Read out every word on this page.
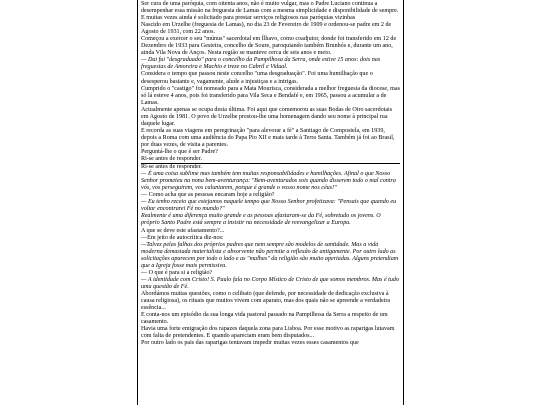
Ser cura de uma paróquia, com oitenta anos, não é muito vulgar, mas o Padre Luciano continua a desempenhar essa missão na freguesia de Lamas com a mesma simplicidade e disponibilidade de sempre. E muitas vezes ainda é solicitado para prestar serviços religiosos nas paróquias vizinhas

Nascido em Urzelhe (freguesia de Lamas), no dia 23 de Fevereiro de 1909 e ordenou-se padre em 2 de Agosto de 1931, com 22 anos.

Começou a exercer o seu "múnus" sacerdotal em Ílhavo, como coadjutor, donde foi transferido em 12 de Dezembro de 1933 para Gesteira, concelho de Soure, paroquiando também Brunhós e, durante um ano, ainda Vila Nova de Anços. Nesta região se manteve cerca de seis anos e meio.

— Dai fui "desgraduado" para o concelho da Pampilhosa da Serra, onde estive 15 anos: dois nas freguesias de Amoreira e Machio e treze no Cabril e Vidual.

Considera o tempo que passou neste concelho "uma desgraduação". Foi uma humilhação que o desesperou bastante e, vagamente, alude a injustiças e a intrigas.

Cumprido o "castigo" foi nomeado para a Mata Mourisca, considerada a melhor freguesia da diocese, mas só lá esteve 4 anos, pois foi transferido para Vila Seca e Bendafé e, em 1965, passou a acumular a de Lamas.

Actualmente apenas se ocupa desta última. Foi aqui que comemorou as suas Bodas de Oiro sacerdotais em Agosto de 1981. O povo de Urzelhe prestou-lhe uma homenagem dando seu nome à principal rua daquele lugar.

E recorda as suas viagens em peregrinação "para alevorar a fé" a Santiago de Compostela, em 1939, depois a Roma com uma audiência do Papa Pio XII e mais tarde à Terra Santa. Também já foi ao Brasil, por duas vezes, de visita a parentes.

Perguntá-lhe o que é ser Padre?

Ri-se antes de responder.

Ri-se antes de responder.

— É uma coisa sublime mas também tem muitas responsabilidades e humilhações. Afinal o que Nosso Senhor prometeu na nona bem-aventurança: "Bem-aventurados sois quando disserem todo o mal contra vós, vos perseguirem, vos caluniarem, porque é grande o vosso nome nos céus!"

— Como acha que as pessoas encaram hoje a religião?

— Eu tenho receio que estejamos naquele tempo que Nosso Senhor profetizava: "Pensais que quando eu voltar encontrarei Fé no mundo?"

Realmente é uma diferença muito grande e as pessoas afastaram-se da Fé, sobretudo os jovens. O próprio Santo Padre está sempre a insistir na necessidade de reevangelizar a Europa.

A que se deve este afastamento?...

—Em jeito de autocrítica diz-nos:

—Talvez pelas falhas dos próprios padres que nem sempre são modelos de santidade. Mas a vida

moderna demasiada materialista e absorvente não permite a reflexão de antigamente. Por outro lado as solicitações aparecem por todo o lado e as "malhas" da religião são muito apertadas. Alguns pretendiam que a Igreja fosse mais permissiva.

— O que é para si a religião?

— A identidade com Cristo! S. Paulo fala no Corpo Místico de Cristo de que somos membros. Mas é tudo uma questão de Fé.

Abordámos muitas questões, como o celibato (que defende, por necessidade de dedicação exclusiva à causa religiosa), os rituais que muitos vivem com aparato, mas dos quais não se apreende a verdadeira essência...

E conta-nos um episódio da sua longa vida pastoral passado na Pampilhosa da Serra a respeito de um casamento.

Havia uma forte emigração dos rapazes daquela zona para Lisboa. Por esse motivo as raparigas lutavam com falta de pretendentes. E quando apareciam eram bem disputados...

Por outro lado os pais das raparigas tentavam impedir muitas vezes esses casamentos que
